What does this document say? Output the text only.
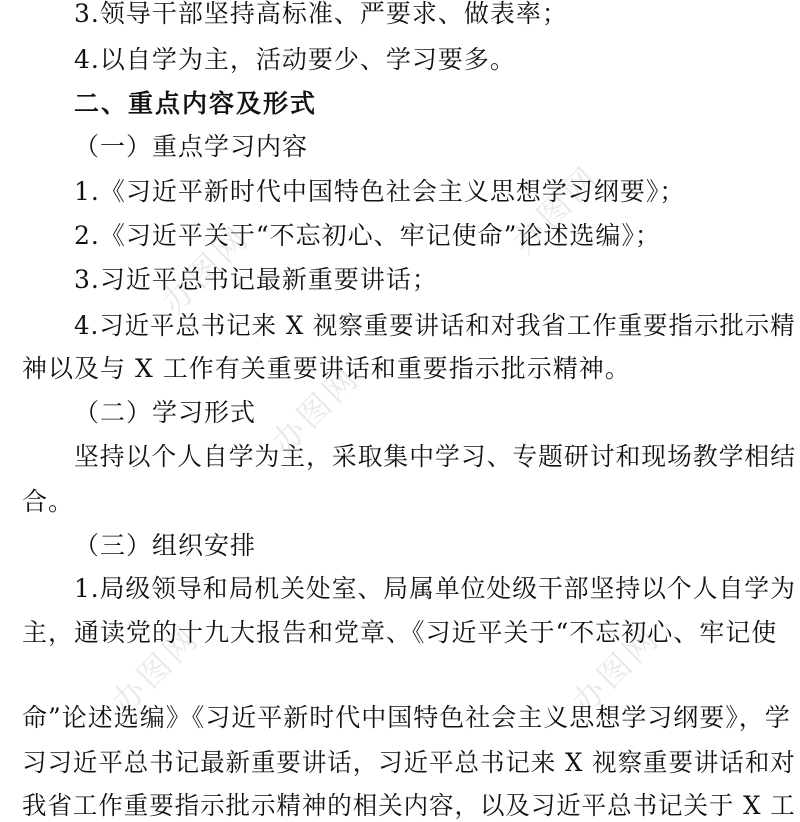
办图网
办图网
办图网
办图网
办图网
3.领导干部坚持高标准、严要求、做表率；
4.以自学为主，活动要少、学习要多。
二、重点内容及形式
（一）重点学习内容
1.《习近平新时代中国特色社会主义思想学习纲要》；
2.《习近平关于“不忘初心、牢记使命”论述选编》；
3.习近平总书记最新重要讲话；
4.习近平总书记来 X 视察重要讲话和对我省工作重要指示批示精
神以及与 X 工作有关重要讲话和重要指示批示精神。
（二）学习形式
坚持以个人自学为主，采取集中学习、专题研讨和现场教学相结
合。
（三）组织安排
1.局级领导和局机关处室、局属单位处级干部坚持以个人自学为
主，通读党的十九大报告和党章、《习近平关于“不忘初心、牢记使
命”论述选编》《习近平新时代中国特色社会主义思想学习纲要》，学
习习近平总书记最新重要讲话，习近平总书记来 X 视察重要讲话和对
我省工作重要指示批示精神的相关内容，以及习近平总书记关于 X 工
